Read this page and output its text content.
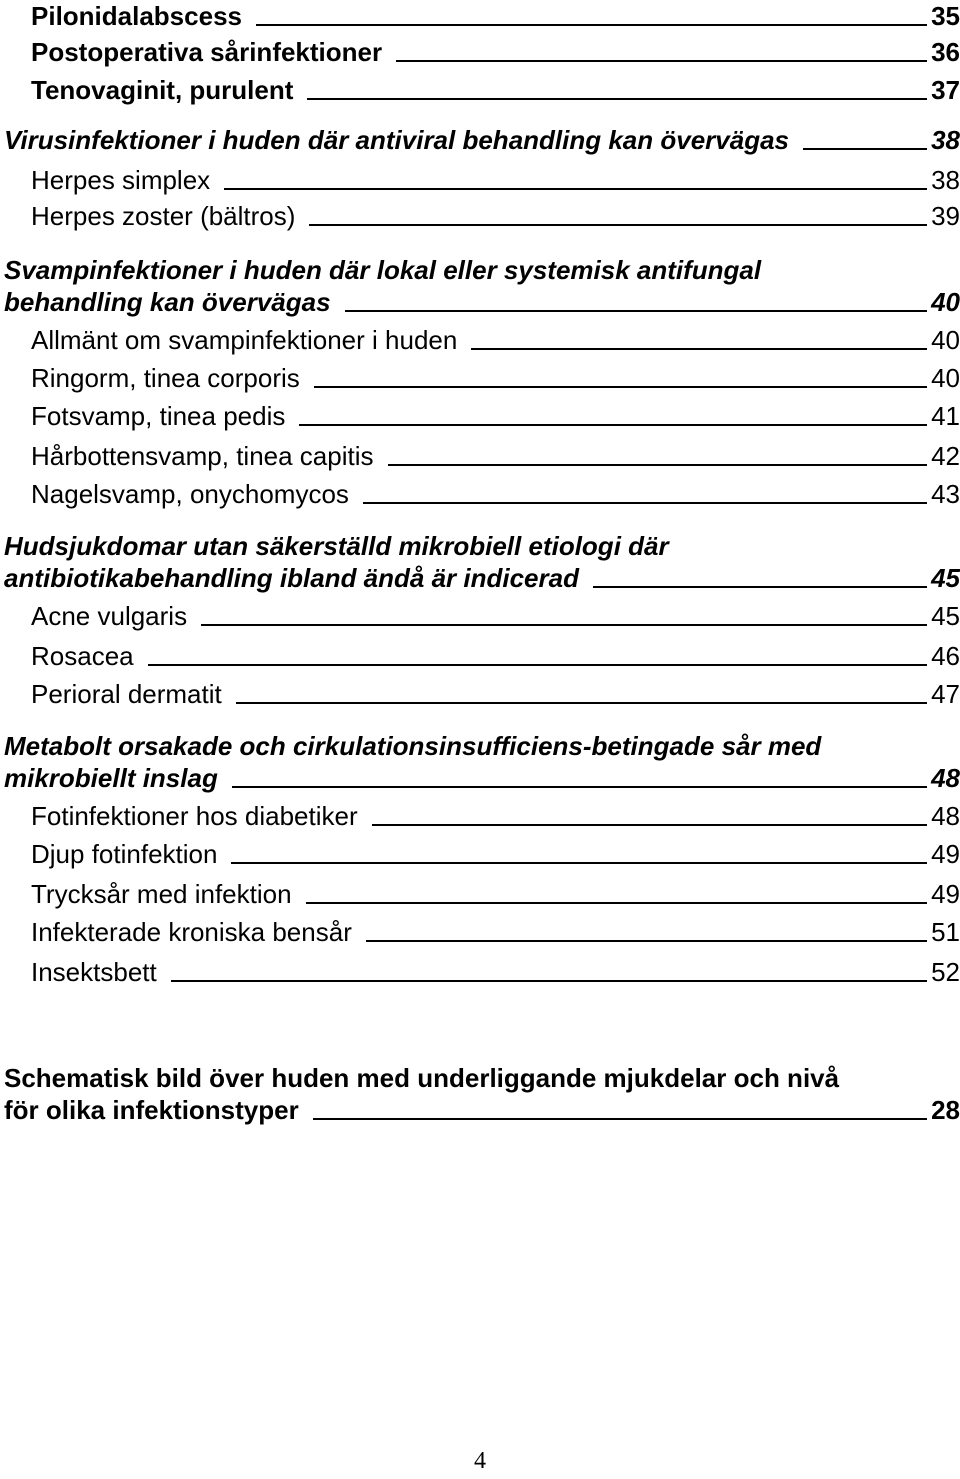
Pilonidalabscess	35
Postoperativa sårinfektioner	36
Tenovaginit, purulent	37
Virusinfektioner i huden där antiviral behandling kan övervägas	38
Herpes simplex	38
Herpes zoster (bältros)	39
Svampinfektioner i huden där lokal eller systemisk antifungal
behandling kan övervägas	40
Allmänt om svampinfektioner i huden	40
Ringorm, tinea corporis	40
Fotsvamp, tinea pedis	41
Hårbottensvamp, tinea capitis	42
Nagelsvamp, onychomycos	43
Hudsjukdomar utan säkerställd mikrobiell etiologi där
antibiotikabehandling ibland ändå är indicerad	45
Acne vulgaris	45
Rosacea	46
Perioral dermatit	47
Metabolt orsakade och cirkulationsinsufficiens-betingade sår med
mikrobiellt inslag	48
Fotinfektioner hos diabetiker	48
Djup fotinfektion	49
Trycksår med infektion	49
Infekterade kroniska bensår	51
Insektsbett	52
Schematisk bild över huden med underliggande mjukdelar och nivå
för olika infektionstyper	28
4
